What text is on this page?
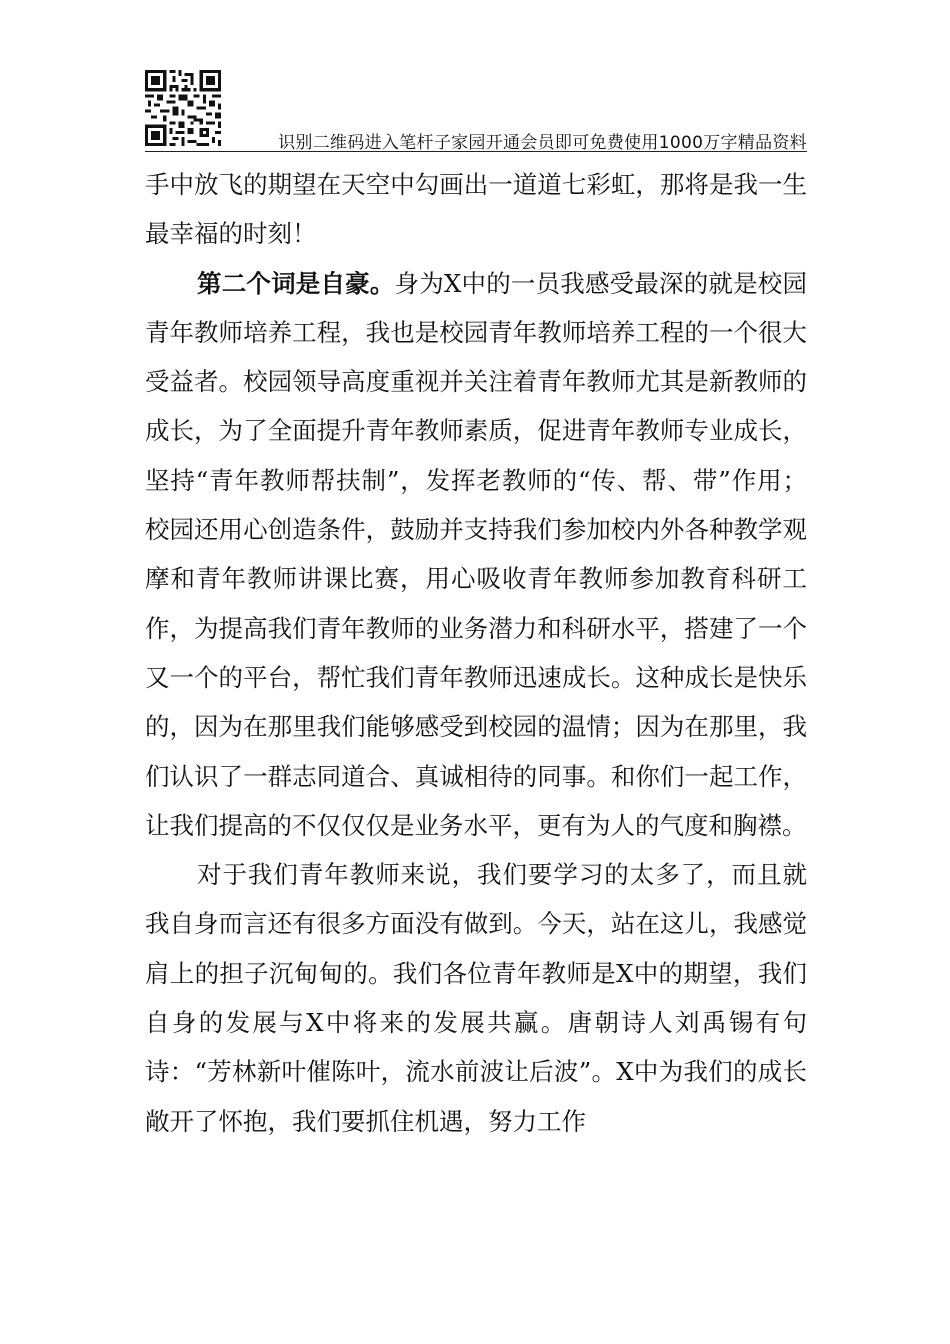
识别二维码进入笔杆子家园开通会员即可免费使用1000万字精品资料

手中放飞的期望在天空中勾画出一道道七彩虹，那将是我一生最幸福的时刻！

第二个词是自豪。身为X中的一员我感受最深的就是校园青年教师培养工程，我也是校园青年教师培养工程的一个很大受益者。校园领导高度重视并关注着青年教师尤其是新教师的成长，为了全面提升青年教师素质，促进青年教师专业成长，坚持“青年教师帮扶制”，发挥老教师的“传、帮、带”作用；校园还用心创造条件，鼓励并支持我们参加校内外各种教学观摩和青年教师讲课比赛，用心吸收青年教师参加教育科研工作，为提高我们青年教师的业务潜力和科研水平，搭建了一个又一个的平台，帮忙我们青年教师迅速成长。这种成长是快乐的，因为在那里我们能够感受到校园的温情；因为在那里，我们认识了一群志同道合、真诚相待的同事。和你们一起工作，让我们提高的不仅仅仅是业务水平，更有为人的气度和胸襟。

对于我们青年教师来说，我们要学习的太多了，而且就我自身而言还有很多方面没有做到。今天，站在这儿，我感觉肩上的担子沉甸甸的。我们各位青年教师是X中的期望，我们自身的发展与X中将来的发展共赢。唐朝诗人刘禹锡有句诗：“芳林新叶催陈叶，流水前波让后波”。X中为我们的成长敞开了怀抱，我们要抓住机遇，努力工作
